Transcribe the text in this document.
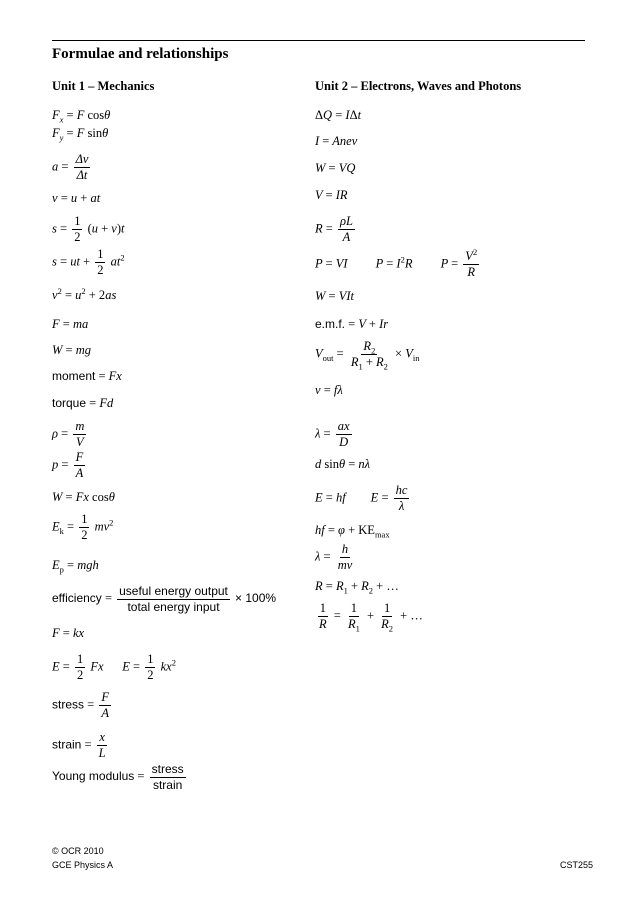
Formulae and relationships
Unit 1 – Mechanics	Unit 2 – Electrons, Waves and Photons
$F_x = F$ cosθ
$F_y = F$ sinθ
$a = \frac{\Delta v}{\Delta t}$
v = u + at
$s = \frac{1}{2} (u + v)t$
s = ut + $\frac{1}{2} at^2$
$v^2 = u^2 + 2as$
F = ma
W = mg
moment = Fx
torque = Fd
$\rho = \frac{m}{V}$
$p = \frac{F}{A}$
W = Fx cosθ
$E_k = \frac{1}{2} mv^2$
$E_p$ = mgh
efficiency = $\frac{\text{useful energy output}}{\text{total energy input}} \times 100\%$
F = kx
$E = \frac{1}{2}$ Fx      $E = \frac{1}{2} kx^2$
stress = $\frac{F}{A}$
strain = $\frac{x}{L}$
Young modulus = $\frac{\text{stress}}{\text{strain}}$
ΔQ = IΔt
I = Anev
W = VQ
V = IR
$R = \frac{\rho L}{A}$
P = VI         $P = I^2R$         $P = \frac{V^2}{R}$
W = VIt
e.m.f. = V + Ir
$V_{out} = \frac{R_2}{R_1 + R_2} \times V_{in}$
v = fλ
$\lambda = \frac{ax}{D}$
d sinθ = nλ
E = hf        $E = \frac{hc}{\lambda}$
hf = $\varphi + KE_{max}$
$\lambda = \frac{h}{mv}$
$R = R_1 + R_2$ + …
$\frac{1}{R} = \frac{1}{R_1} + \frac{1}{R_2}$ + …
© OCR 2010
GCE Physics A	CST255
